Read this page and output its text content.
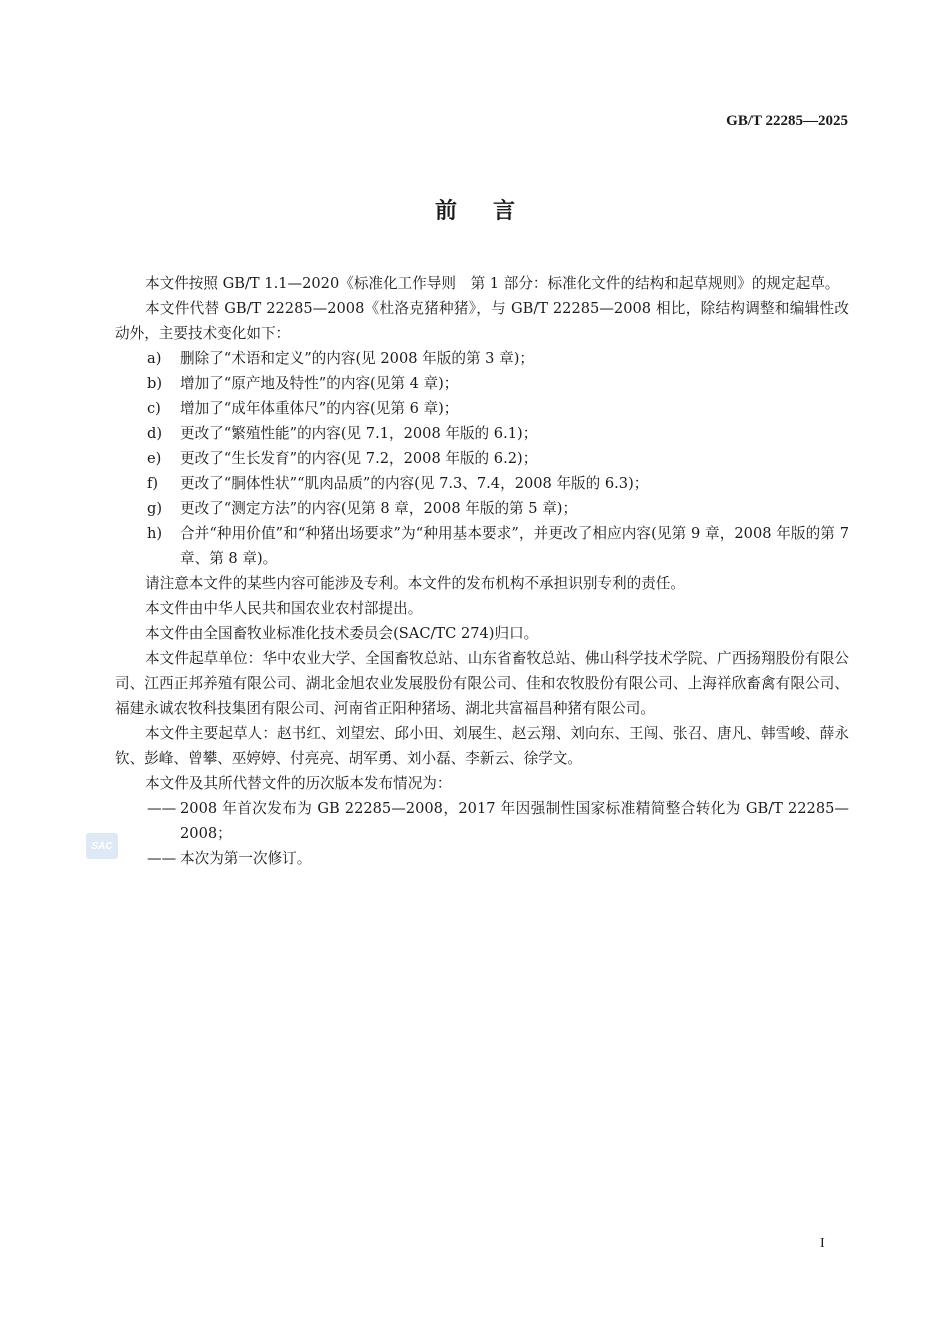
GB/T 22285—2025
前言

本文件按照 GB/T 1.1—2020《标准化工作导则　第 1 部分：标准化文件的结构和起草规则》的规定起草。

本文件代替 GB/T 22285—2008《杜洛克猪种猪》，与 GB/T 22285—2008 相比，除结构调整和编辑性改动外，主要技术变化如下：

a) 删除了“术语和定义”的内容(见 2008 年版的第 3 章)；

b) 增加了“原产地及特性”的内容(见第 4 章)；

c) 增加了“成年体重体尺”的内容(见第 6 章)；

d) 更改了“繁殖性能”的内容(见 7.1，2008 年版的 6.1)；

e) 更改了“生长发育”的内容(见 7.2，2008 年版的 6.2)；

f) 更改了“胴体性状”“肌肉品质”的内容(见 7.3、7.4，2008 年版的 6.3)；

g) 更改了“测定方法”的内容(见第 8 章，2008 年版的第 5 章)；

h) 合并“种用价值”和“种猪出场要求”为“种用基本要求”，并更改了相应内容(见第 9 章，2008 年版的第 7 章、第 8 章)。

请注意本文件的某些内容可能涉及专利。本文件的发布机构不承担识别专利的责任。

本文件由中华人民共和国农业农村部提出。

本文件由全国畜牧业标准化技术委员会(SAC/TC 274)归口。

本文件起草单位：华中农业大学、全国畜牧总站、山东省畜牧总站、佛山科学技术学院、广西扬翔股份有限公司、江西正邦养殖有限公司、湖北金旭农业发展股份有限公司、佳和农牧股份有限公司、上海祥欣畜禽有限公司、福建永诚农牧科技集团有限公司、河南省正阳种猪场、湖北共富福昌种猪有限公司。

本文件主要起草人：赵书红、刘望宏、邱小田、刘展生、赵云翔、刘向东、王闯、张召、唐凡、韩雪峻、薛永钦、彭峰、曾攀、巫婷婷、付亮亮、胡军勇、刘小磊、李新云、徐学文。

本文件及其所代替文件的历次版本发布情况为：

—— 2008 年首次发布为 GB 22285—2008，2017 年因强制性国家标准精简整合转化为 GB/T 22285—2008；

—— 本次为第一次修订。

SAC
I
